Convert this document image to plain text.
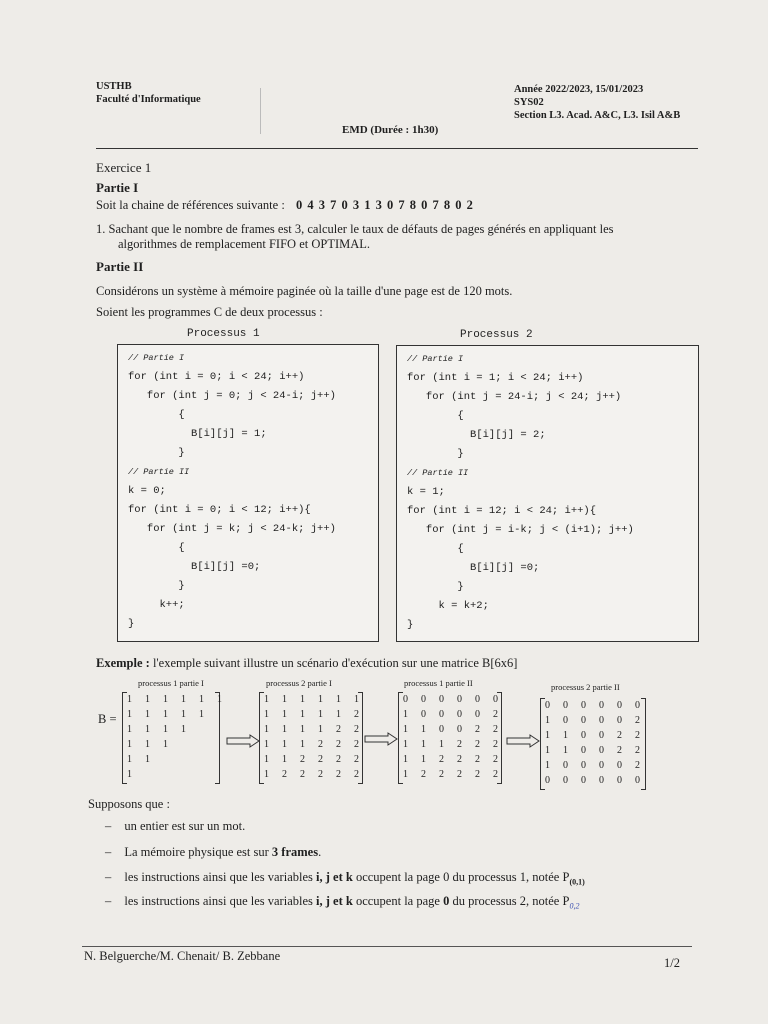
USTHB
Faculté d'Informatique
Année 2022/2023, 15/01/2023
SYS02
Section L3. Acad. A&C, L3. Isil A&B
EMD (Durée : 1h30)
Exercice 1
Partie I
Soit la chaine de références suivante : 0 4 3 7 0 3 1 3 0 7 8 0 7 8 0 2
1. Sachant que le nombre de frames est 3, calculer le taux de défauts de pages générés en appliquant les
algorithmes de remplacement FIFO et OPTIMAL.
Partie II
Considérons un système à mémoire paginée où la taille d'une page est de 120 mots.
Soient les programmes C de deux processus :
Processus 1
// Partie I
for (int i = 0; i < 24; i++)
for (int j = 0; j < 24-i; j++)
{
B[i][j] = 1;
}
// Partie II
k = 0;
for (int i = 0; i < 12; i++){
for (int j = k; j < 24-k; j++)
{
B[i][j] =0;
}
k++;
}
Processus 2
// Partie I
for (int i = 1; i < 24; i++)
for (int j = 24-i; j < 24; j++)
{
B[i][j] = 2;
}
// Partie II
k = 1;
for (int i = 12; i < 24; i++){
for (int j = i-k; j < (i+1); j++)
{
B[i][j] =0;
}
k = k+2;
}
Exemple : l'exemple suivant illustre un scénario d'exécution sur une matrice B[6x6]
B =
processus 1 partie I
1  1  1  1  1  1
1  1  1  1  1
1  1  1  1
1  1  1
1  1
1
processus 2 partie I
1  1  1  1  1  1
1  1  1  1  1  2
1  1  1  1  2  2
1  1  1  2  2  2
1  1  2  2  2  2
1  2  2  2  2  2
processus 1 partie II
0  0  0  0  0  0
1  0  0  0  0  2
1  1  0  0  2  2
1  1  1  2  2  2
1  1  2  2  2  2
1  2  2  2  2  2
processus 2 partie II
0  0  0  0  0  0
1  0  0  0  0  2
1  1  0  0  2  2
1  1  0  0  2  2
1  0  0  0  0  2
0  0  0  0  0  0
Supposons que :
– un entier est sur un mot.
– La mémoire physique est sur 3 frames.
– les instructions ainsi que les variables i, j et k occupent la page 0 du processus 1, notée $P_{(0,1)}$
– les instructions ainsi que les variables i, j et k occupent la page 0 du processus 2, notée $P_{0,2}$
N. Belguerche/M. Chenait/ B. Zebbane	1/2
